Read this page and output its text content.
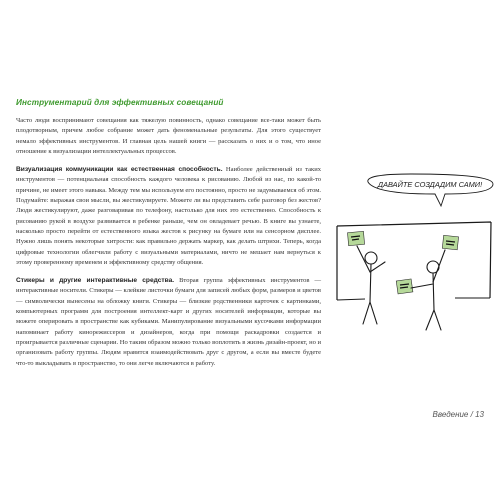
Инструментарий для эффективных совещаний

Часто люди воспринимают совещания как тяжелую повинность, однако совещание все-таки может быть плодотворным, причем любое собрание может дать феноменальные результаты. Для этого существует немало эффективных инструментов. И главная цель нашей книги — рассказать о них и о том, что иное отношение к визуализации интеллектуальных процессов.

Визуализация коммуникации как естественная способность. Наиболее действенный из таких инструментов — потенциальная способность каждого человека к рисованию. Любой из нас, по какой-то причине, не имеет этого навыка. Между тем мы используем его постоянно, просто не задумываемся об этом. Подумайте: выражая свои мысли, вы жестикулируете. Можете ли вы представить себе разговор без жестов? Люди жестикулируют, даже разговаривая по телефону, настолько для них это естественно. Способность к рисованию рукой в воздухе развивается в ребенке раньше, чем он овладевает речью. В книге вы узнаете, насколько просто перейти от естественного языка жестов к рисунку на бумаге или на сенсорном дисплее. Нужно лишь понять некоторые хитрости: как правильно держать маркер, как делать штрихи. Теперь, когда цифровые технологии облегчили работу с визуальными материалами, ничто не мешает нам вернуться к этому проверенному временем и эффективному средству общения.

Стикеры и другие интерактивные средства. Вторая группа эффективных инструментов — интерактивные носители. Стикеры — клейкие листочки бумаги для записей любых форм, размеров и цветов — символически вынесены на обложку книги. Стикеры — близкие родственники карточек с картинками, компьютерных программ для построения интеллект-карт и других носителей информации, которые вы можете оперировать в пространстве как кубиками. Манипулирование визуальными кусочками информации напоминает работу кинорежиссеров и дизайнеров, когда при помощи раскадровки создается и проигрывается различные сценарии. Но таким образом можно только воплотить в жизнь дизайн-проект, но и организовать работу группы. Людям нравится взаимодействовать друг с другом, а если вы вместе будете что-то выкладывать в пространство, то они легче включаются в работу.

ДАВАЙТЕ СОЗДАДИМ САМИ!
Введение / 13
